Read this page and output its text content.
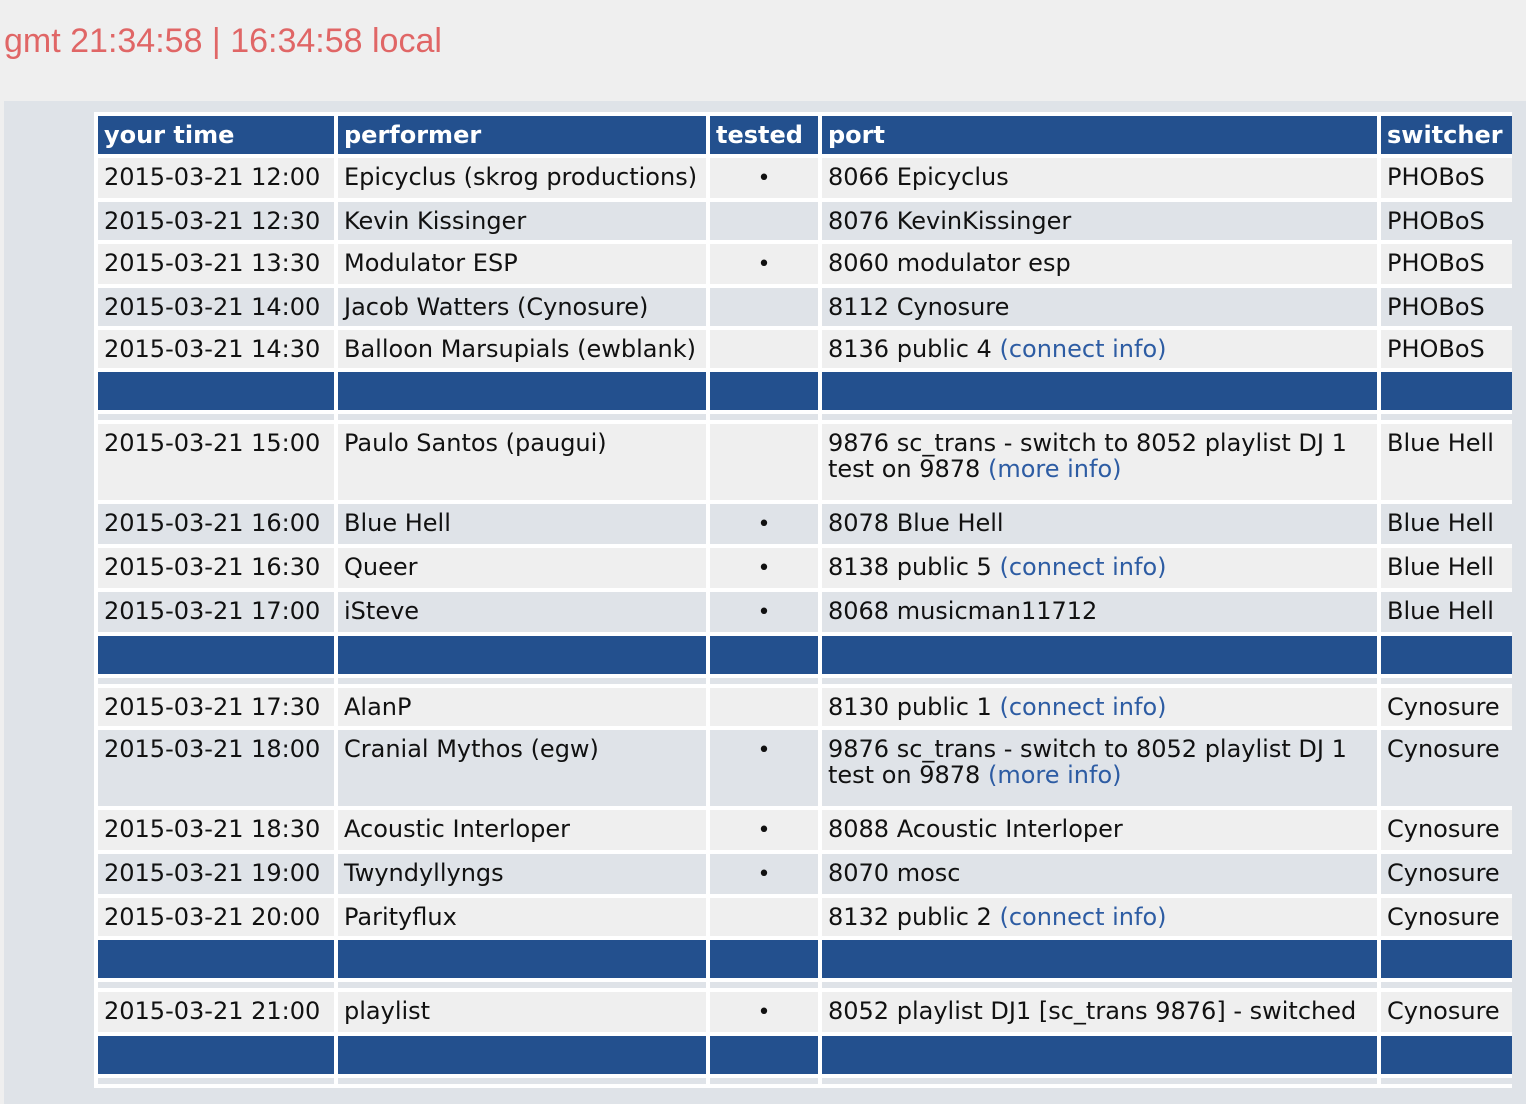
gmt 21:34:58 | 16:34:58 local
your time	performer	tested	port	switcher
2015-03-21 12:00	Epicyclus (skrog productions)	•	8066 Epicyclus	PHOBoS
2015-03-21 12:30	Kevin Kissinger		8076 KevinKissinger	PHOBoS
2015-03-21 13:30	Modulator ESP	•	8060 modulator esp	PHOBoS
2015-03-21 14:00	Jacob Watters (Cynosure)		8112 Cynosure	PHOBoS
2015-03-21 14:30	Balloon Marsupials (ewblank)		8136 public 4 (connect info)	PHOBoS

2015-03-21 15:00	Paulo Santos (paugui)		9876 sc_trans - switch to 8052 playlist DJ 1 test on 9878 (more info)	Blue Hell
2015-03-21 16:00	Blue Hell	•	8078 Blue Hell	Blue Hell
2015-03-21 16:30	Queer	•	8138 public 5 (connect info)	Blue Hell
2015-03-21 17:00	iSteve	•	8068 musicman11712	Blue Hell

2015-03-21 17:30	AlanP		8130 public 1 (connect info)	Cynosure
2015-03-21 18:00	Cranial Mythos (egw)	•	9876 sc_trans - switch to 8052 playlist DJ 1 test on 9878 (more info)	Cynosure
2015-03-21 18:30	Acoustic Interloper	•	8088 Acoustic Interloper	Cynosure
2015-03-21 19:00	Twyndyllyngs	•	8070 mosc	Cynosure
2015-03-21 20:00	Parityflux		8132 public 2 (connect info)	Cynosure

2015-03-21 21:00	playlist	•	8052 playlist DJ1 [sc_trans 9876] - switched	Cynosure
